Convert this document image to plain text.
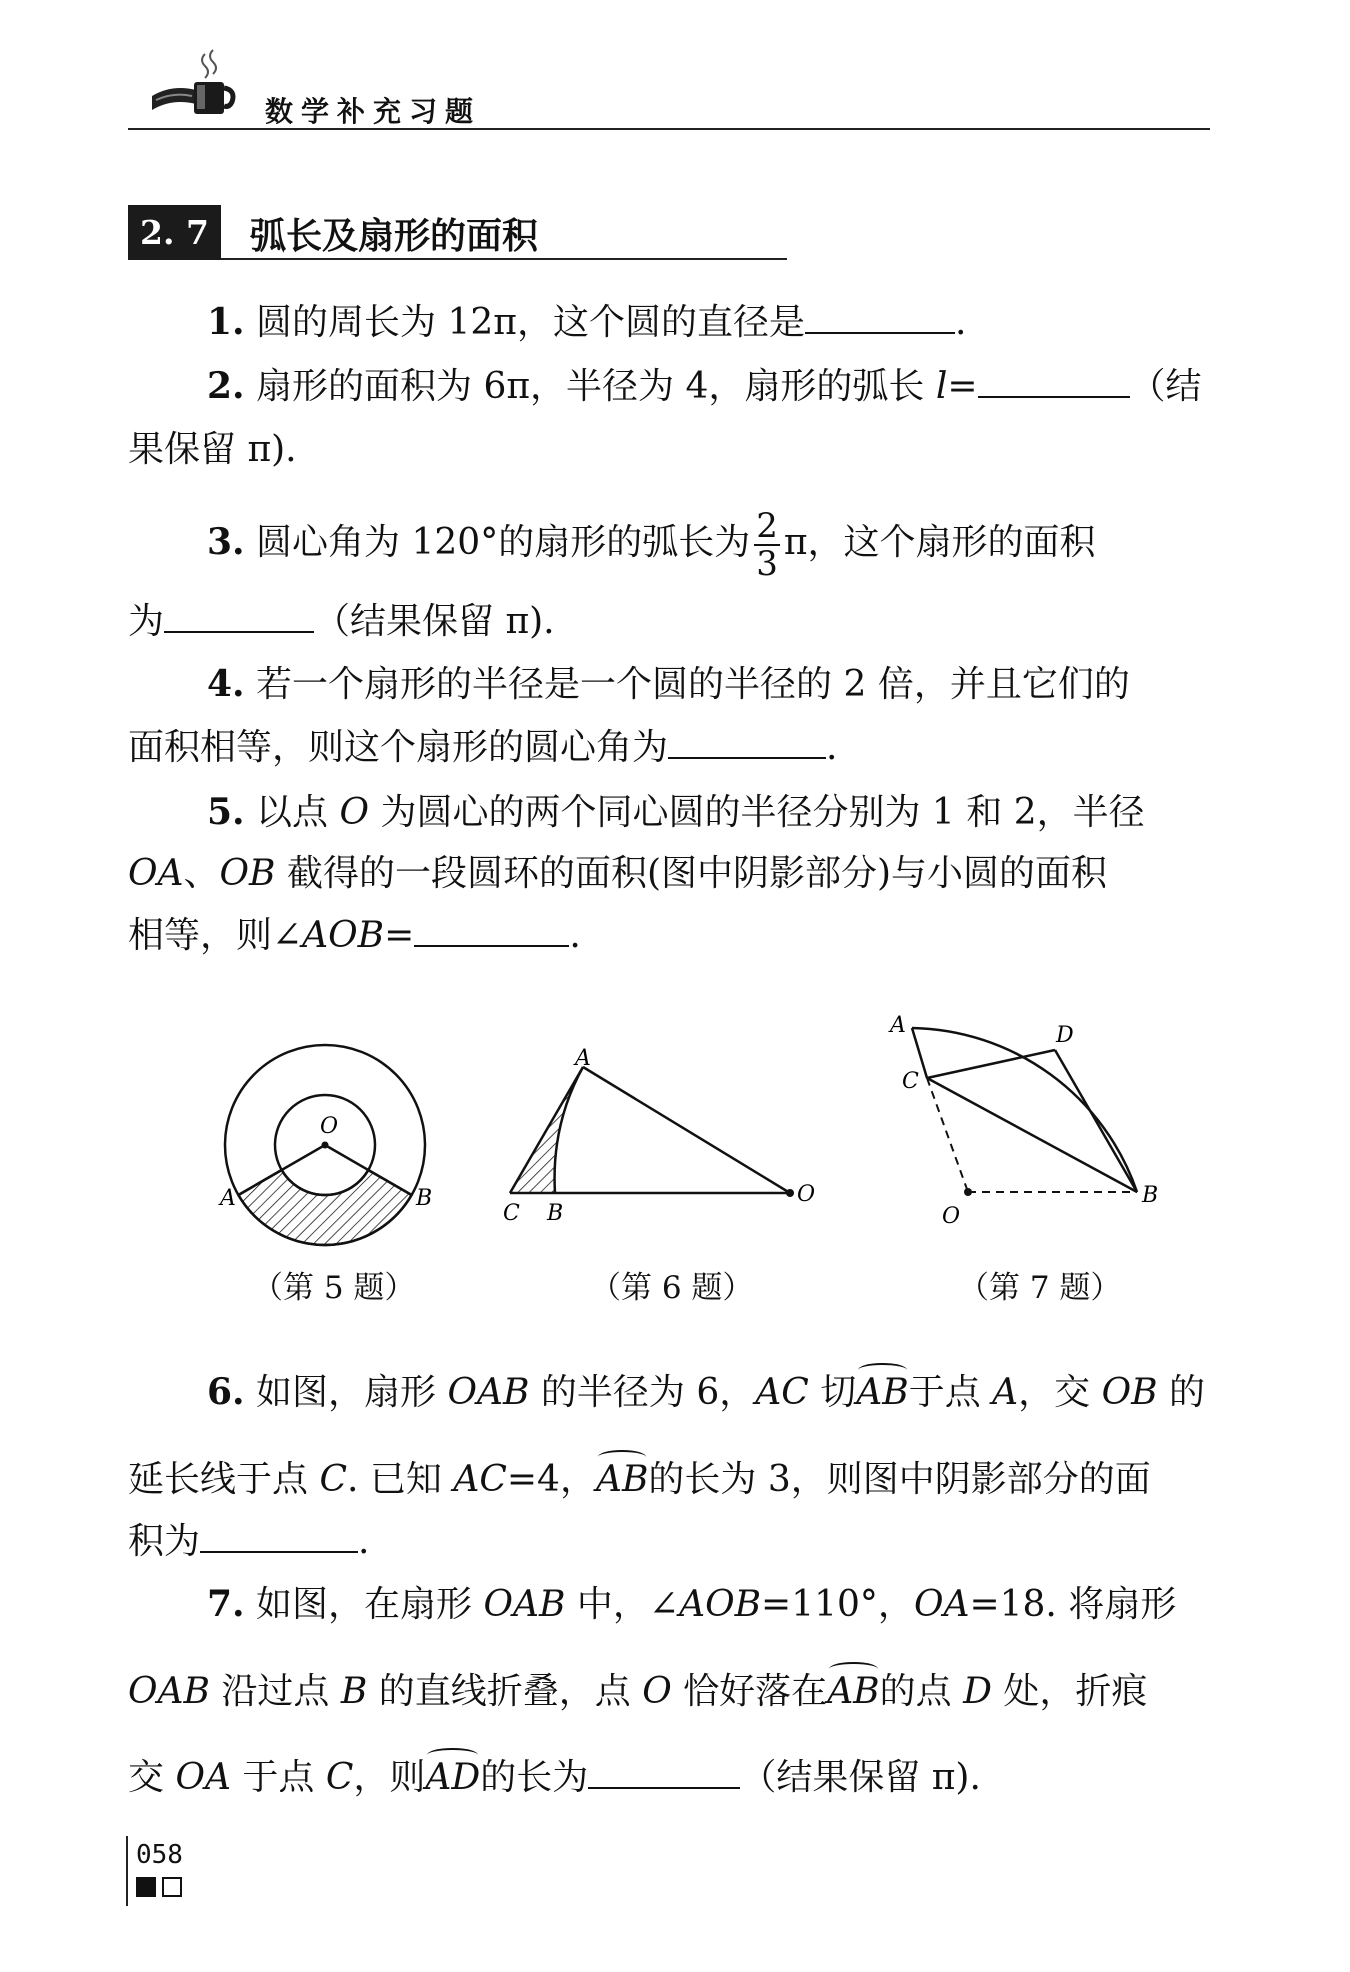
数学补充习题
2. 7	弧长及扇形的面积
1. 圆的周长为 12π，这个圆的直径是	.
2. 扇形的面积为 6π，半径为 4，扇形的弧长 l=	（结
果保留 π).
3. 圆心角为 120°的扇形的弧长为 $\frac{2}{3}$ π，这个扇形的面积
为	（结果保留 π).
4. 若一个扇形的半径是一个圆的半径的 2 倍，并且它们的
面积相等，则这个扇形的圆心角为	.
5. 以点 O 为圆心的两个同心圆的半径分别为 1 和 2，半径
OA、OB 截得的一段圆环的面积(图中阴影部分)与小圆的面积
相等，则∠AOB=	.
O
A	B
（第 5 题）
A
C B
O
（第 6 题）
A	D
C
O
B
（第 7 题）
6. 如图，扇形 OAB 的半径为 6，AC 切AB于点 A，交 OB 的
延长线于点 C. 已知 AC=4，AB的长为 3，则图中阴影部分的面
积为	.
7. 如图，在扇形 OAB 中，∠AOB=110°，OA=18. 将扇形
OAB 沿过点 B 的直线折叠，点 O 恰好落在AB的点 D 处，折痕
交 OA 于点 C，则AD的长为	（结果保留 π).
058
